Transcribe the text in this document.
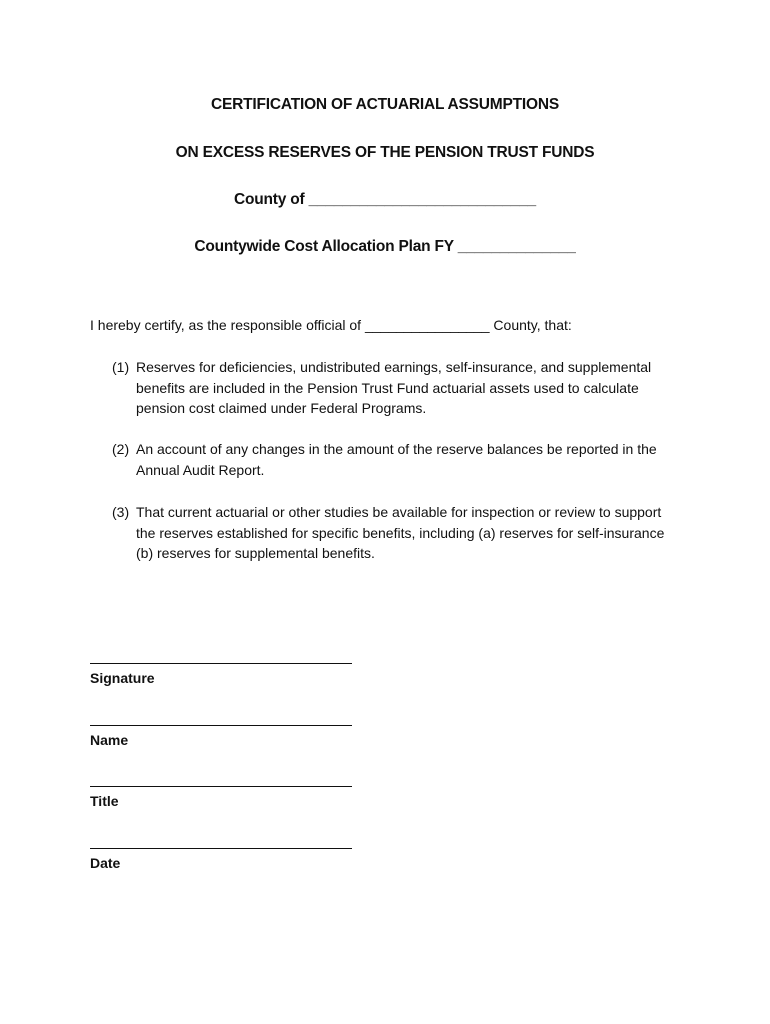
CERTIFICATION OF ACTUARIAL ASSUMPTIONS
ON EXCESS RESERVES OF THE PENSION TRUST FUNDS
County of ___________________________
Countywide Cost Allocation Plan FY ______________
I hereby certify, as the responsible official of ________________ County, that:
(1) Reserves for deficiencies, undistributed earnings, self-insurance, and supplemental benefits are included in the Pension Trust Fund actuarial assets used to calculate pension cost claimed under Federal Programs.
(2) An account of any changes in the amount of the reserve balances be reported in the Annual Audit Report.
(3) That current actuarial or other studies be available for inspection or review to support the reserves established for specific benefits, including (a) reserves for self-insurance (b) reserves for supplemental benefits.
Signature
Name
Title
Date
